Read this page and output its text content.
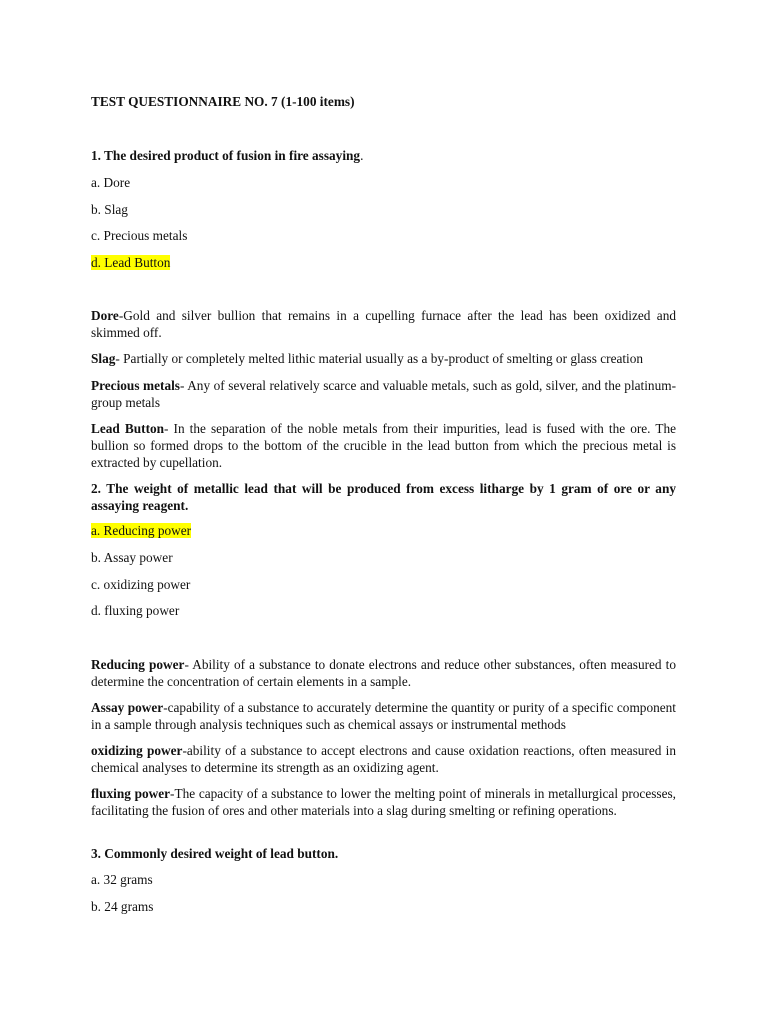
TEST QUESTIONNAIRE NO. 7 (1-100 items)

1. The desired product of fusion in fire assaying.

a. Dore

b. Slag

c. Precious metals

d. Lead Button

Dore-Gold and silver bullion that remains in a cupelling furnace after the lead has been oxidized and skimmed off.

Slag- Partially or completely melted lithic material usually as a by-product of smelting or glass creation

Precious metals- Any of several relatively scarce and valuable metals, such as gold, silver, and the platinum-group metals

Lead Button- In the separation of the noble metals from their impurities, lead is fused with the ore. The bullion so formed drops to the bottom of the crucible in the lead button from which the precious metal is extracted by cupellation.

2. The weight of metallic lead that will be produced from excess litharge by 1 gram of ore or any assaying reagent.

a. Reducing power

b. Assay power

c. oxidizing power

d. fluxing power

Reducing power- Ability of a substance to donate electrons and reduce other substances, often measured to determine the concentration of certain elements in a sample.

Assay power-capability of a substance to accurately determine the quantity or purity of a specific component in a sample through analysis techniques such as chemical assays or instrumental methods

oxidizing power-ability of a substance to accept electrons and cause oxidation reactions, often measured in chemical analyses to determine its strength as an oxidizing agent.

fluxing power-The capacity of a substance to lower the melting point of minerals in metallurgical processes, facilitating the fusion of ores and other materials into a slag during smelting or refining operations.

3. Commonly desired weight of lead button.

a. 32 grams

b. 24 grams
